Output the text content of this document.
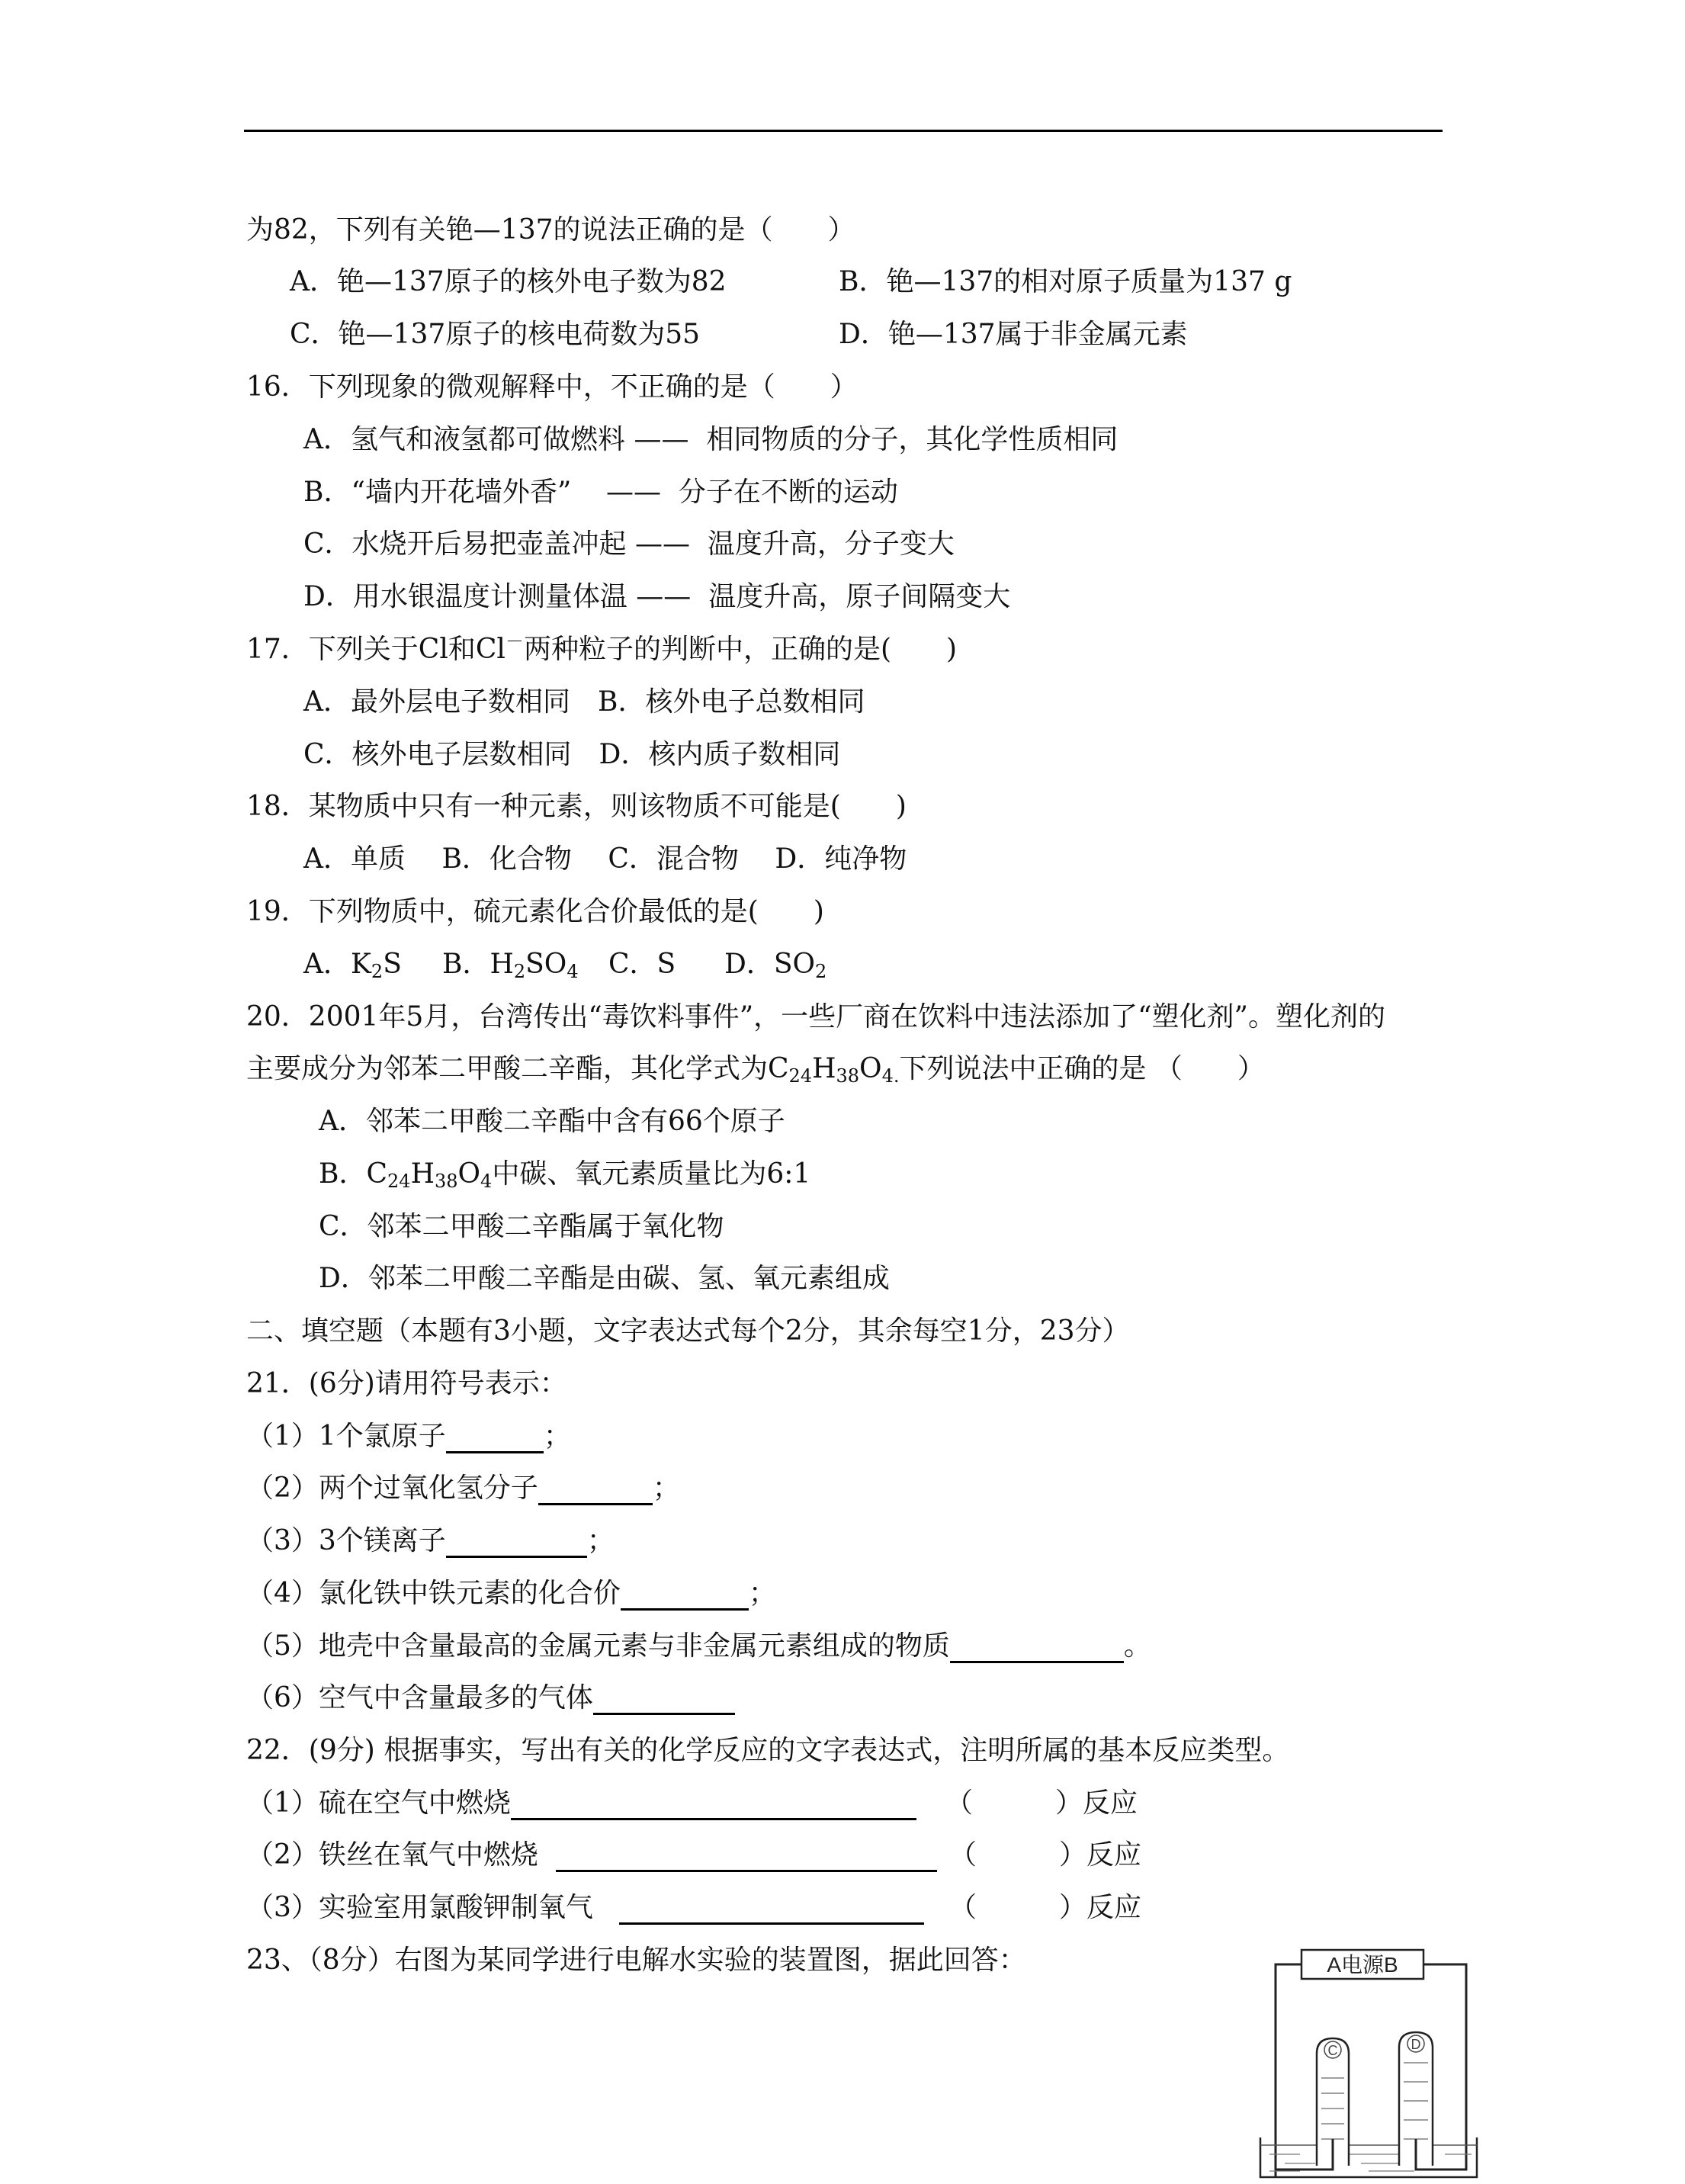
为82，下列有关铯—137的说法正确的是（　　）
A．铯—137原子的核外电子数为82	B．铯—137的相对原子质量为137 g
C．铯—137原子的核电荷数为55	D．铯—137属于非金属元素
16．下列现象的微观解释中，不正确的是（　　）
A．氢气和液氢都可做燃料 ——  相同物质的分子，其化学性质相同
B．“墙内开花墙外香”    ——  分子在不断的运动
C．水烧开后易把壶盖冲起 ——  温度升高，分子变大
D．用水银温度计测量体温 ——  温度升高，原子间隔变大
17．下列关于Cl和Cl－两种粒子的判断中，正确的是(　　)
A．最外层电子数相同　B．核外电子总数相同
C．核外电子层数相同　D．核内质子数相同
18．某物质中只有一种元素，则该物质不可能是(　　)
A．单质　 B．化合物　 C．混合物　 D．纯净物
19．下列物质中，硫元素化合价最低的是(　　)
A．$K_2S$ B．$H_2SO_4$ C．S D．$SO_2$
20．2001年5月，台湾传出“毒饮料事件”，一些厂商在饮料中违法添加了“塑化剂”。塑化剂的
主要成分为邻苯二甲酸二辛酯，其化学式为$C_{24}H_{38}O_{4.}$下列说法中正确的是 （　　）
A．邻苯二甲酸二辛酯中含有66个原子
B．$C_{24}H_{38}O_4$中碳、氧元素质量比为6:1
C．邻苯二甲酸二辛酯属于氧化物
D．邻苯二甲酸二辛酯是由碳、氢、氧元素组成
二、填空题（本题有3小题，文字表达式每个2分，其余每空1分，23分）
21．(6分)请用符号表示：
（1）1个氯原子	；
（2）两个过氧化氢分子	；
（3）3个镁离子	；
（4）氯化铁中铁元素的化合价	；
（5）地壳中含量最高的金属元素与非金属元素组成的物质	。
（6）空气中含量最多的气体
22．(9分) 根据事实，写出有关的化学反应的文字表达式，注明所属的基本反应类型。
（1）硫在空气中燃烧	（　　　）反应
（2）铁丝在氧气中燃烧	（　　　）反应
（3）实验室用氯酸钾制氧气	（　　　）反应
23、（8分）右图为某同学进行电解水实验的装置图，据此回答：	A电源B
C	D
